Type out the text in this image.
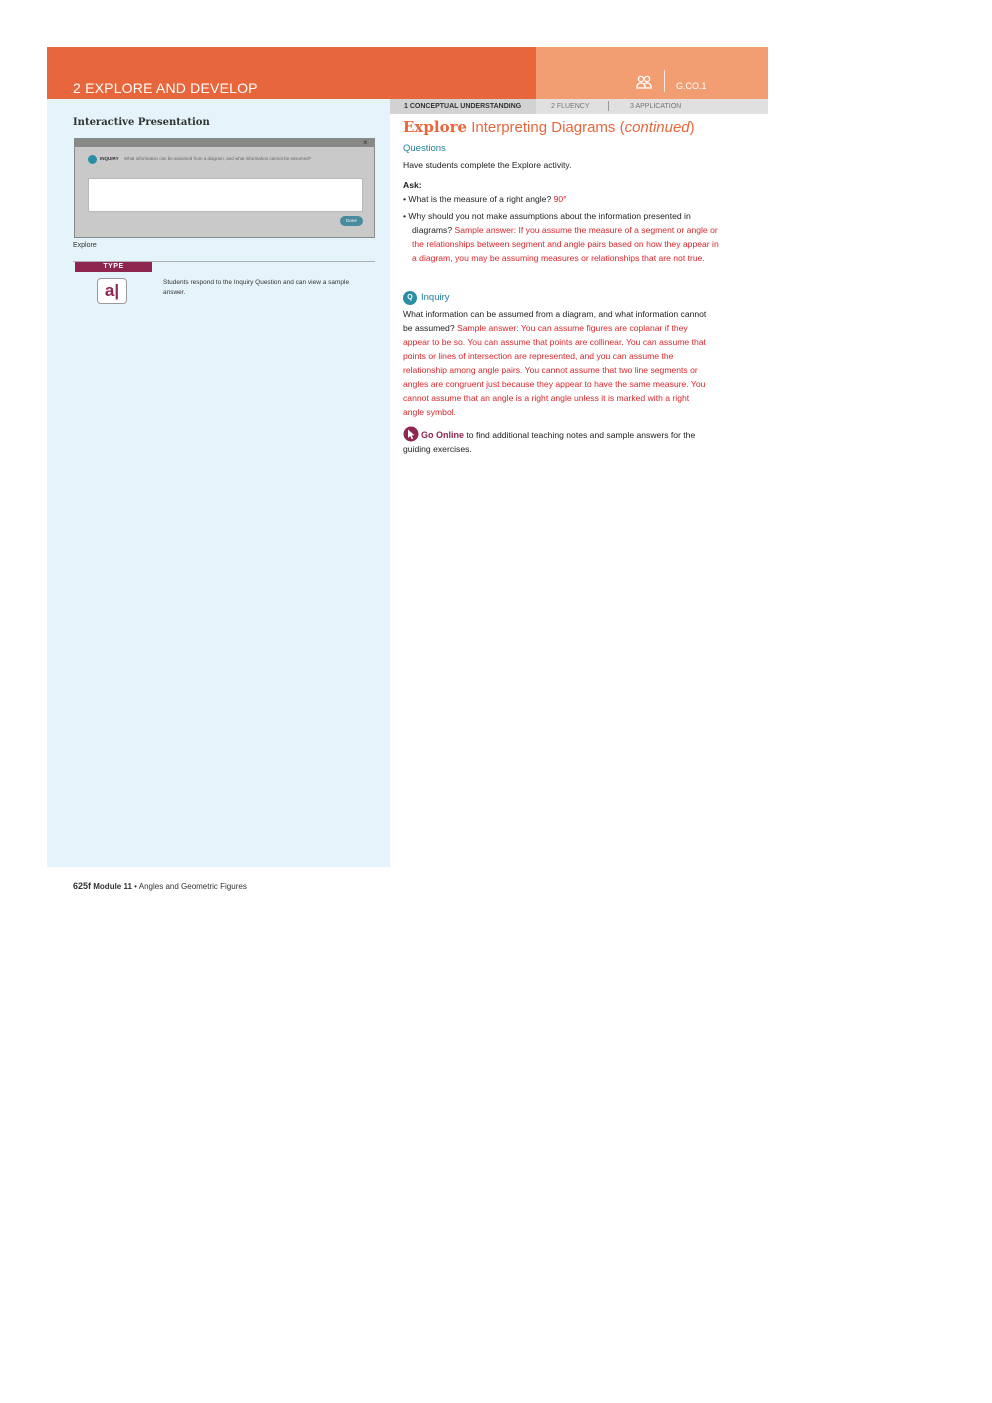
2 EXPLORE AND DEVELOP	G.CO.1
Interactive Presentation
×
INQUIRY What information can be assumed from a diagram, and what information cannot be assumed?
Done
Explore
TYPE
a|	Students respond to the Inquiry Question and can view a sample answer.
1 CONCEPTUAL UNDERSTANDING	2 FLUENCY	3 APPLICATION
Explore Interpreting Diagrams (continued)
Questions
Have students complete the Explore activity.
Ask:
• What is the measure of a right angle? 90°
• Why should you not make assumptions about the information presented in diagrams? Sample answer: If you assume the measure of a segment or angle or the relationships between segment and angle pairs based on how they appear in a diagram, you may be assuming measures or relationships that are not true.
Q Inquiry
What information can be assumed from a diagram, and what information cannot be assumed? Sample answer: You can assume figures are coplanar if they appear to be so. You can assume that points are collinear. You can assume that points or lines of intersection are represented, and you can assume the relationship among angle pairs. You cannot assume that two line segments or angles are congruent just because they appear to have the same measure. You cannot assume that an angle is a right angle unless it is marked with a right angle symbol.
Go Online to find additional teaching notes and sample answers for the guiding exercises.
625f Module 11 • Angles and Geometric Figures
